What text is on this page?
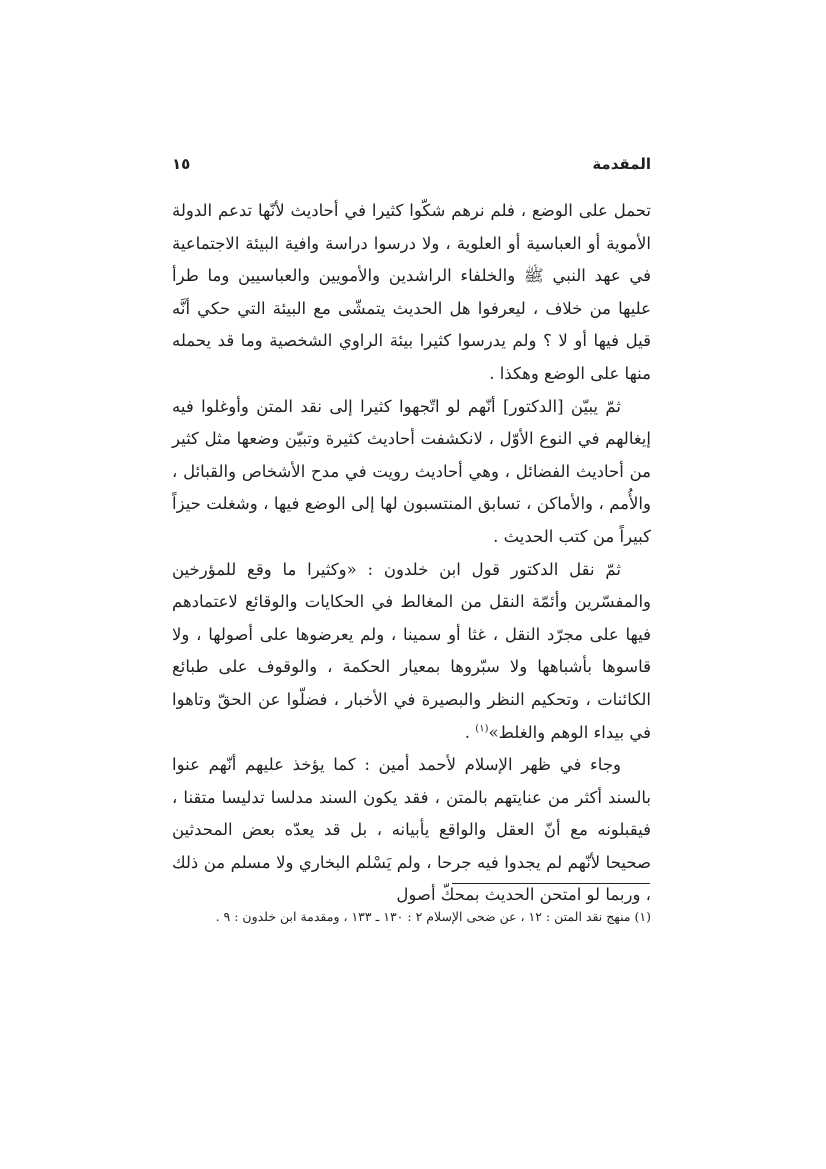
المقدمة
١٥

تحمل على الوضع ، فلم نرهم شكّوا كثيرا في أحاديث لأنّها تدعم الدولة الأموية أو العباسية أو العلوية ، ولا درسوا دراسة وافية البيئة الاجتماعية في عهد النبي ﷺ والخلفاء الراشدين والأمويين والعباسيين وما طرأ عليها من خلاف ، ليعرفوا هل الحديث يتمشّى مع البيئة التي حكي أنَّه قيل فيها أو لا ؟ ولم يدرسوا كثيرا بيئة الراوي الشخصية وما قد يحمله منها على الوضع وهكذا .

ثمّ يبيّن [الدكتور] أنّهم لو اتّجهوا كثيرا إلى نقد المتن وأوغلوا فيه إيغالهم في النوع الأوّل ، لانكشفت أحاديث كثيرة وتبيّن وضعها مثل كثير من أحاديث الفضائل ، وهي أحاديث رويت في مدح الأشخاص والقبائل ، والأُمم ، والأماكن ، تسابق المنتسبون لها إلى الوضع فيها ، وشغلت حيزاً كبيراً من كتب الحديث .

ثمّ نقل الدكتور قول ابن خلدون : «وكثيرا ما وقع للمؤرخين والمفسّرين وأئمّة النقل من المغالط في الحكايات والوقائع لاعتمادهم فيها على مجرّد النقل ، غثا أو سمينا ، ولم يعرضوها على أصولها ، ولا قاسوها بأشباهها ولا سبّروها بمعيار الحكمة ، والوقوف على طبائع الكائنات ، وتحكيم النظر والبصيرة في الأخبار ، فضلّوا عن الحقّ وتاهوا في بيداء الوهم والغلط»$^{(١)}$ .

وجاء في ظهر الإسلام لأحمد أمين : كما يؤخذ عليهم أنّهم عنوا بالسند أكثر من عنايتهم بالمتن ، فقد يكون السند مدلسا تدليسا متقنا ، فيقبلونه مع أنّ العقل والواقع يأبيانه ، بل قد يعدّه بعض المحدثين صحيحا لأنّهم لم يجدوا فيه جرحا ، ولم يَسْلم البخاري ولا مسلم من ذلك ، وربما لو امتحن الحديث بمحكّ أصول

(١) منهج نقد المتن : ١٢ ، عن ضحى الإسلام ٢ : ١٣٠ ـ ١٣٣ ، ومقدمة ابن خلدون : ٩ .
